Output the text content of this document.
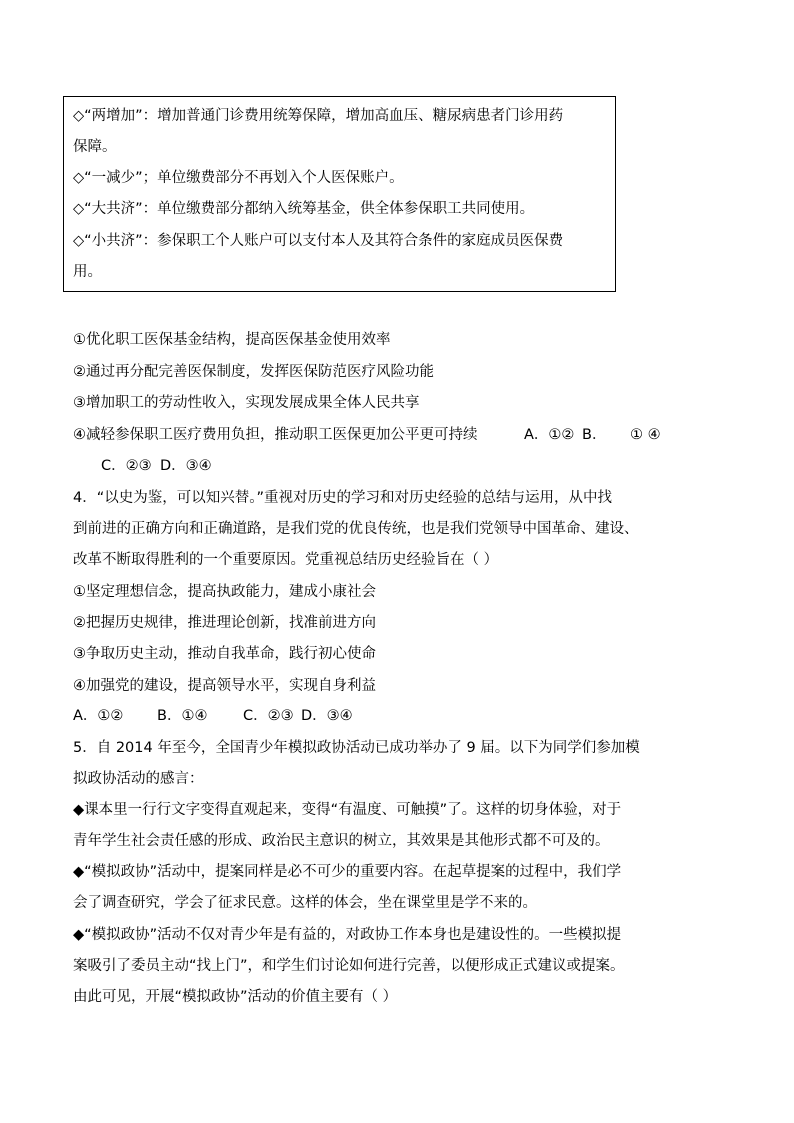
◇“两增加”：增加普通门诊费用统筹保障，增加高血压、糖尿病患者门诊用药
保障。
◇“一减少”；单位缴费部分不再划入个人医保账户。
◇“大共济”：单位缴费部分都纳入统筹基金，供全体参保职工共同使用。
◇“小共济”：参保职工个人账户可以支付本人及其符合条件的家庭成员医保费
用。
①优化职工医保基金结构，提高医保基金使用效率
②通过再分配完善医保制度，发挥医保防范医疗风险功能
③增加职工的劳动性收入，实现发展成果全体人民共享
④减轻参保职工医疗费用负担，推动职工医保更加公平更可持续	A．①② B． ① ④
C．②③ D．③④
4．“以史为鉴，可以知兴替。”重视对历史的学习和对历史经验的总结与运用，从中找
到前进的正确方向和正确道路，是我们党的优良传统，也是我们党领导中国革命、建设、
改革不断取得胜利的一个重要原因。党重视总结历史经验旨在（ ）
①坚定理想信念，提高执政能力，建成小康社会
②把握历史规律，推进理论创新，找准前进方向
③争取历史主动，推动自我革命，践行初心使命
④加强党的建设，提高领导水平，实现自身利益
A．①② B．①④ C．②③ D．③④
5．自 2014 年至今，全国青少年模拟政协活动已成功举办了 9 届。以下为同学们参加模
拟政协活动的感言：
◆课本里一行行文字变得直观起来，变得“有温度、可触摸”了。这样的切身体验，对于
青年学生社会责任感的形成、政治民主意识的树立，其效果是其他形式都不可及的。
◆“模拟政协”活动中，提案同样是必不可少的重要内容。在起草提案的过程中，我们学
会了调查研究，学会了征求民意。这样的体会，坐在课堂里是学不来的。
◆“模拟政协”活动不仅对青少年是有益的，对政协工作本身也是建设性的。一些模拟提
案吸引了委员主动“找上门”，和学生们讨论如何进行完善，以便形成正式建议或提案。
由此可见，开展“模拟政协”活动的价值主要有（ ）
